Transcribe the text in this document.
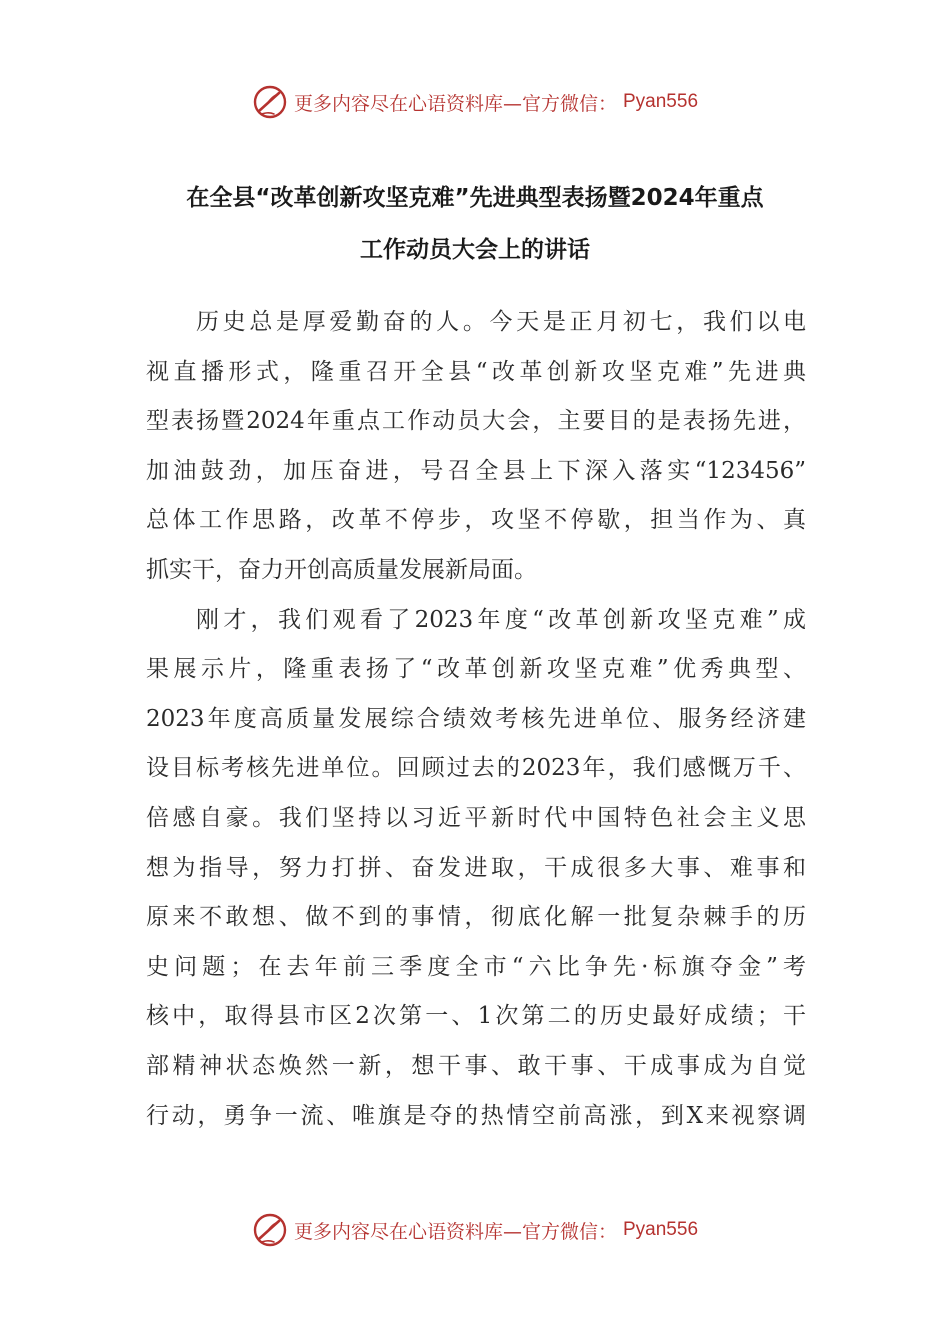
更多内容尽在心语资料库—官方微信： Pyan556
在全县“改革创新攻坚克难”先进典型表扬暨2024年重点
工作动员大会上的讲话
历史总是厚爱勤奋的人。今天是正月初七，我们以电
视直播形式，隆重召开全县“改革创新攻坚克难”先进典
型表扬暨2024年重点工作动员大会，主要目的是表扬先进，
加油鼓劲，加压奋进，号召全县上下深入落实“123456”
总体工作思路，改革不停步，攻坚不停歇，担当作为、真
抓实干，奋力开创高质量发展新局面。
刚才，我们观看了2023年度“改革创新攻坚克难”成
果展示片，隆重表扬了“改革创新攻坚克难”优秀典型、
2023年度高质量发展综合绩效考核先进单位、服务经济建
设目标考核先进单位。回顾过去的2023年，我们感慨万千、
倍感自豪。我们坚持以习近平新时代中国特色社会主义思
想为指导，努力打拼、奋发进取，干成很多大事、难事和
原来不敢想、做不到的事情，彻底化解一批复杂棘手的历
史问题；在去年前三季度全市“六比争先·标旗夺金”考
核中，取得县市区2次第一、1次第二的历史最好成绩；干
部精神状态焕然一新，想干事、敢干事、干成事成为自觉
行动，勇争一流、唯旗是夺的热情空前高涨，到X来视察调
更多内容尽在心语资料库—官方微信： Pyan556
